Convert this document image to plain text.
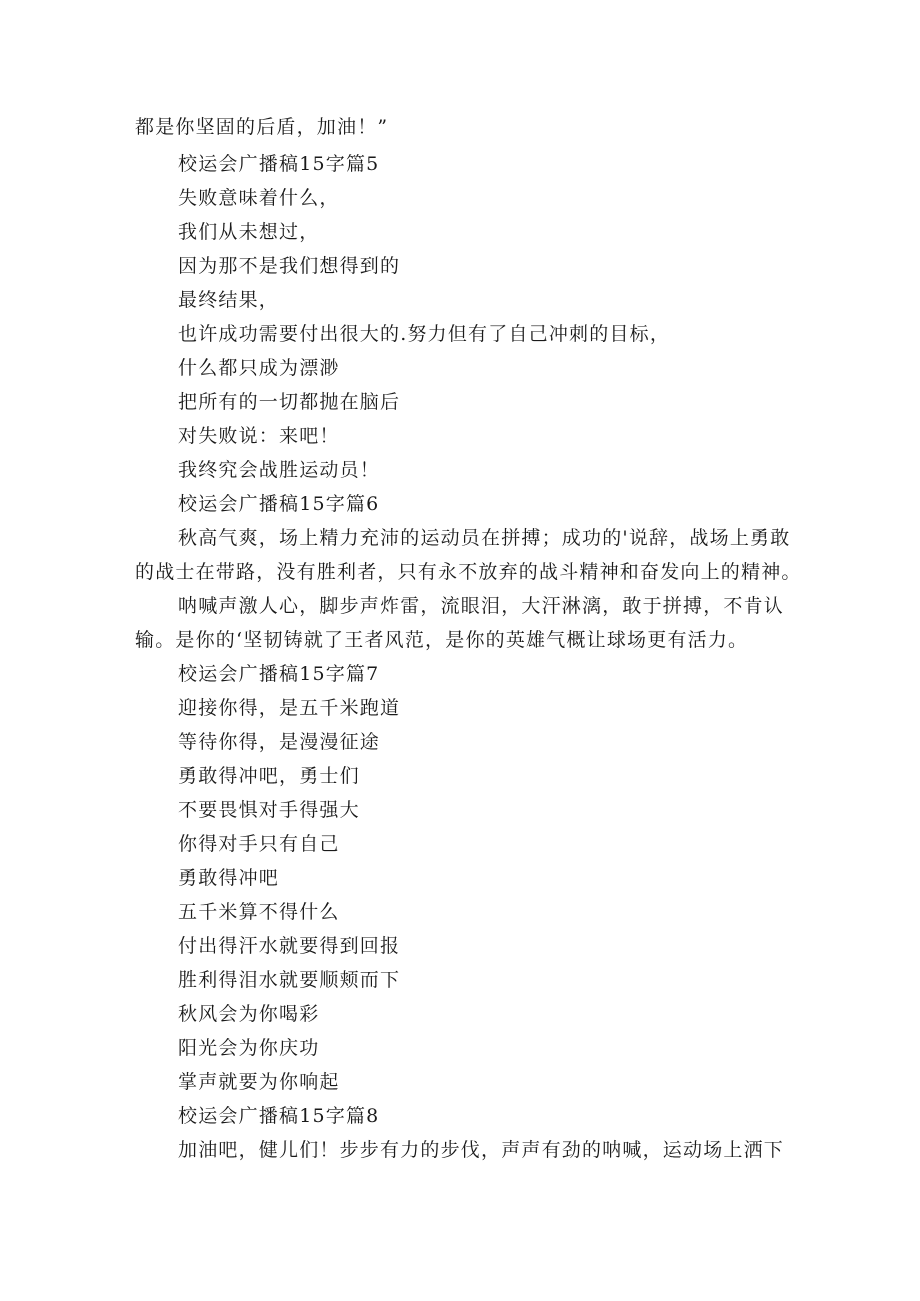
都是你坚固的后盾，加油！”
校运会广播稿15字篇5
失败意味着什么，
我们从未想过，
因为那不是我们想得到的
最终结果，
也许成功需要付出很大的.努力但有了自己冲刺的目标，
什么都只成为漂渺
把所有的一切都抛在脑后
对失败说：来吧！
我终究会战胜运动员！
校运会广播稿15字篇6
秋高气爽，场上精力充沛的运动员在拼搏；成功的'说辞，战场上勇敢
的战士在带路，没有胜利者，只有永不放弃的战斗精神和奋发向上的精神。
呐喊声激人心，脚步声炸雷，流眼泪，大汗淋漓，敢于拼搏，不肯认
输。是你的‘坚韧铸就了王者风范，是你的英雄气概让球场更有活力。
校运会广播稿15字篇7
迎接你得，是五千米跑道
等待你得，是漫漫征途
勇敢得冲吧，勇士们
不要畏惧对手得强大
你得对手只有自己
勇敢得冲吧
五千米算不得什么
付出得汗水就要得到回报
胜利得泪水就要顺颊而下
秋风会为你喝彩
阳光会为你庆功
掌声就要为你响起
校运会广播稿15字篇8
加油吧，健儿们！步步有力的步伐，声声有劲的呐喊，运动场上洒下
